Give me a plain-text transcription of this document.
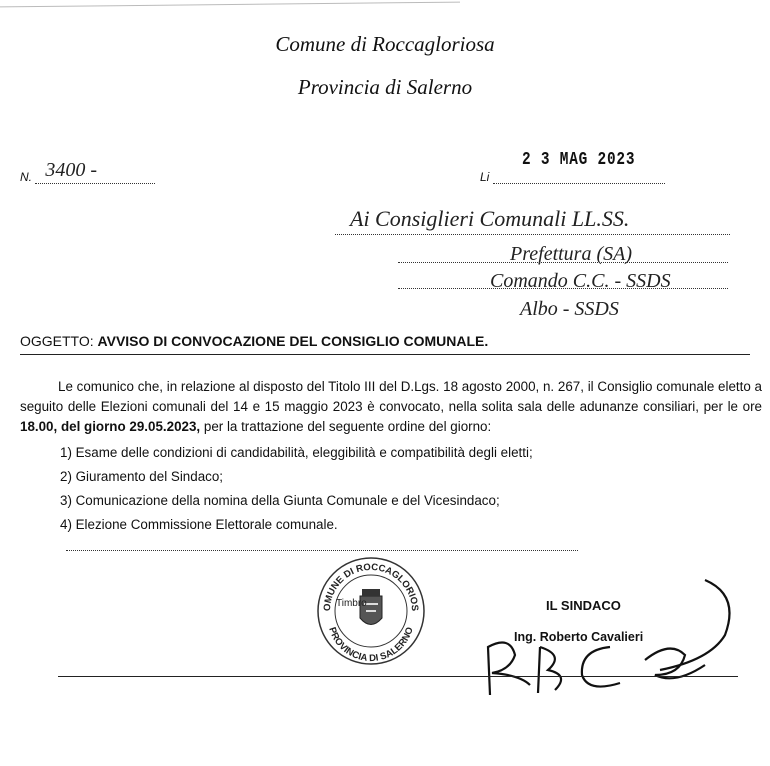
Comune di Roccagloriosa
Provincia di Salerno
N. 3400 -	2 3 MAG 2023
Li
Ai Consiglieri Comunali LL.SS.
Prefettura (SA)
Comando C.C. - SSDS
Albo - SSDS
OGGETTO: AVVISO DI CONVOCAZIONE DEL CONSIGLIO COMUNALE.
Le comunico che, in relazione al disposto del Titolo III del D.Lgs. 18 agosto 2000, n. 267, il Consiglio comunale eletto a seguito delle Elezioni comunali del 14 e 15 maggio 2023 è convocato, nella solita sala delle adunanze consiliari, per le ore 18.00, del giorno 29.05.2023, per la trattazione del seguente ordine del giorno:
1) Esame delle condizioni di candidabilità, eleggibilità e compatibilità degli eletti;
2) Giuramento del Sindaco;
3) Comunicazione della nomina della Giunta Comunale e del Vicesindaco;
4) Elezione Commissione Elettorale comunale.
OMUNE DI ROCCAGLORIOS
PROVINCIA DI SALERNO
Timbro	IL SINDACO
Ing. Roberto Cavalieri
